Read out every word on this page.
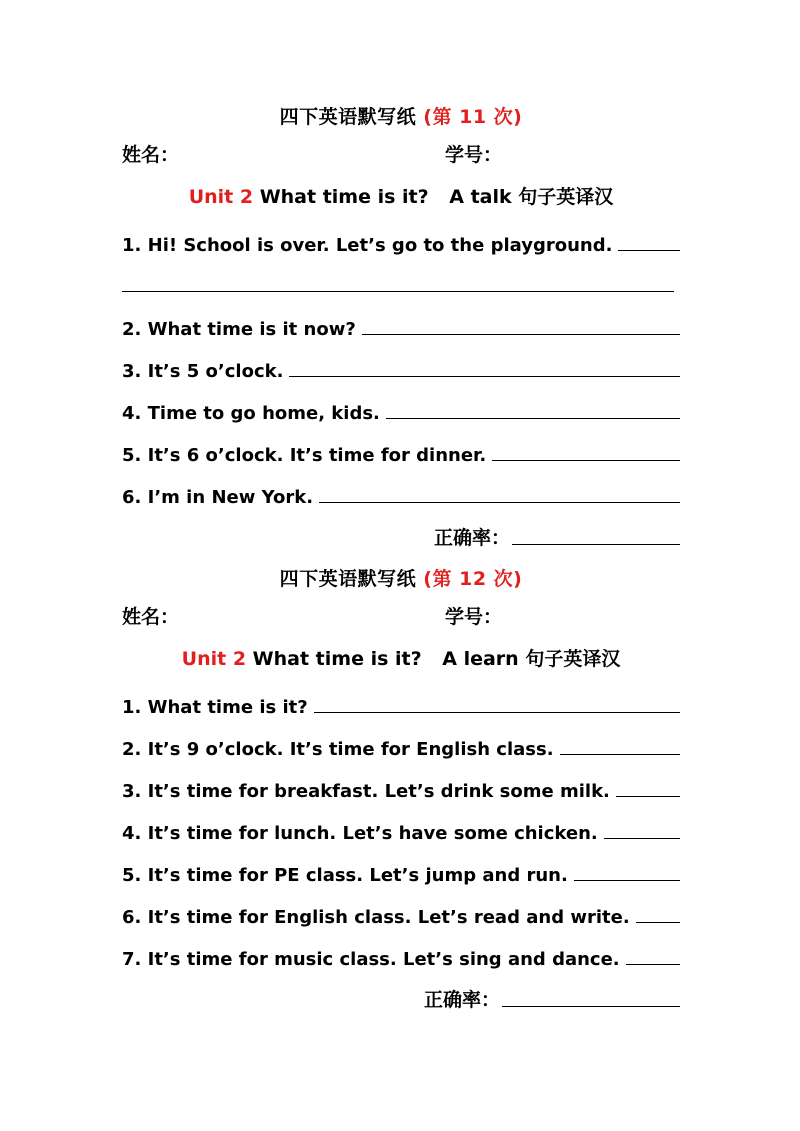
四下英语默写纸 (第 11 次)
姓名：	学号：
Unit 2 What time is it? A talk 句子英译汉
1. Hi! School is over. Let’s go to the playground.
2. What time is it now?
3. It’s 5 o’clock.
4. Time to go home, kids.
5. It’s 6 o’clock. It’s time for dinner.
6. I’m in New York.
正确率：
四下英语默写纸 (第 12 次)
姓名：	学号：
Unit 2 What time is it? A learn 句子英译汉
1. What time is it?
2. It’s 9 o’clock. It’s time for English class.
3. It’s time for breakfast. Let’s drink some milk.
4. It’s time for lunch. Let’s have some chicken.
5. It’s time for PE class. Let’s jump and run.
6. It’s time for English class. Let’s read and write.
7. It’s time for music class. Let’s sing and dance.
正确率：
